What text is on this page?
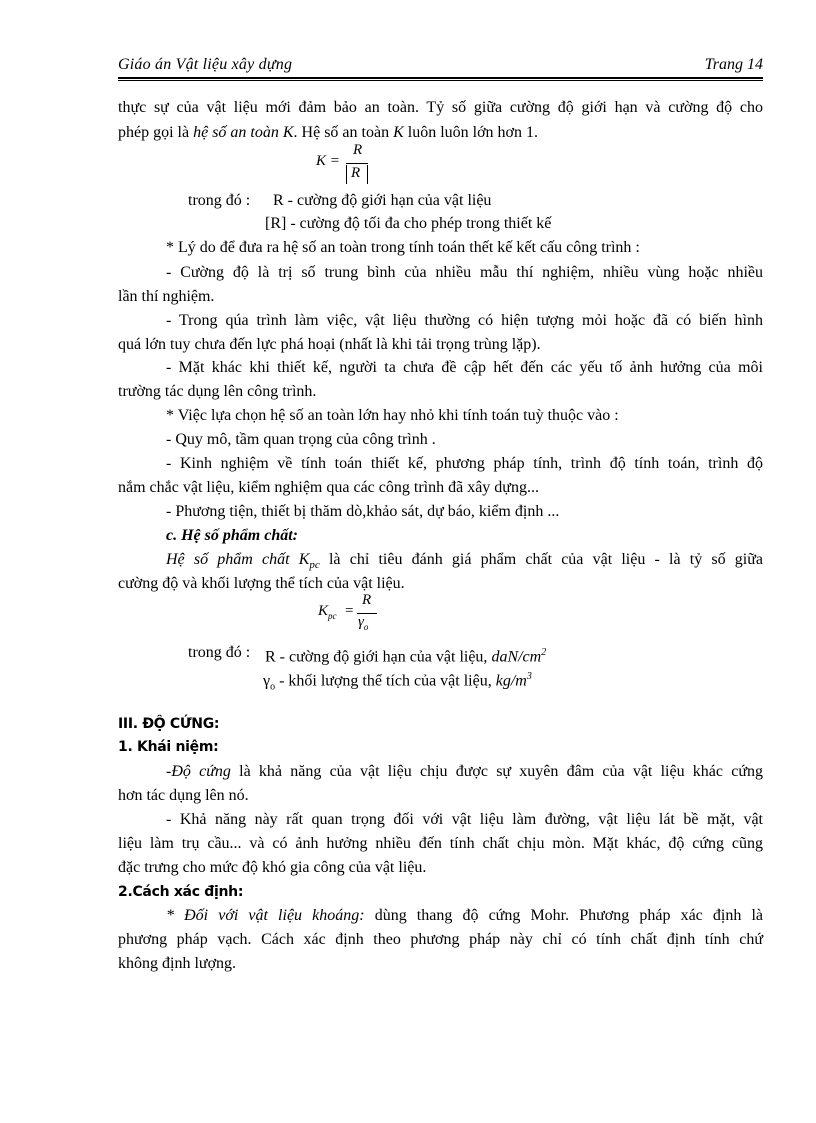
Giáo án Vật liệu xây dựng	Trang 14
thực sự của vật liệu mới đảm bảo an toàn. Tỷ số giữa cường độ giới hạn và cường độ cho
phép gọi là hệ số an toàn K. Hệ số an toàn K luôn luôn lớn hơn 1.
K =
R
R
trong đó : R - cường độ giới hạn của vật liệu
[R] - cường độ tối đa cho phép trong thiết kế
* Lý do để đưa ra hệ số an toàn trong tính toán thết kế kết cấu công trình :
- Cường độ là trị số trung bình của nhiều mẫu thí nghiệm, nhiều vùng hoặc nhiều
lần thí nghiệm.
- Trong qúa trình làm việc, vật liệu thường có hiện tượng mỏi hoặc đã có biến hình
quá lớn tuy chưa đến lực phá hoại (nhất là khi tải trọng trùng lặp).
- Mặt khác khi thiết kế, người ta chưa đề cập hết đến các yếu tố ảnh hưởng của môi
trường tác dụng lên công trình.
* Việc lựa chọn hệ số an toàn lớn hay nhỏ khi tính toán tuỳ thuộc vào :
- Quy mô, tầm quan trọng của công trình .
- Kinh nghiệm về tính toán thiết kế, phương pháp tính, trình độ tính toán, trình độ
nắm chắc vật liệu, kiểm nghiệm qua các công trình đã xây dựng...
- Phương tiện, thiết bị thăm dò,khảo sát, dự báo, kiểm định ...
c. Hệ số phẩm chất:
Hệ số phẩm chất $K_{pc}$ là chỉ tiêu đánh giá phẩm chất của vật liệu - là tỷ số giữa
cường độ và khối lượng thể tích của vật liệu.
$K_{pc}$ =
R
$\gamma_o$
trong đó : R - cường độ giới hạn của vật liệu, daN/$cm^2$
$\gamma_o$ - khối lượng thể tích của vật liệu, $kg/m^3$
III. ĐỘ CỨNG:
1. Khái niệm:
-Độ cứng là khả năng của vật liệu chịu được sự xuyên đâm của vật liệu khác cứng
hơn tác dụng lên nó.
- Khả năng này rất quan trọng đối với vật liệu làm đường, vật liệu lát bề mặt, vật
liệu làm trụ cầu... và có ảnh hưởng nhiều đến tính chất chịu mòn. Mặt khác, độ cứng cũng
đặc trưng cho mức độ khó gia công của vật liệu.
2.Cách xác định:
* Đối với vật liệu khoáng: dùng thang độ cứng Mohr. Phương pháp xác định là
phương pháp vạch. Cách xác định theo phương pháp này chỉ có tính chất định tính chứ
không định lượng.
